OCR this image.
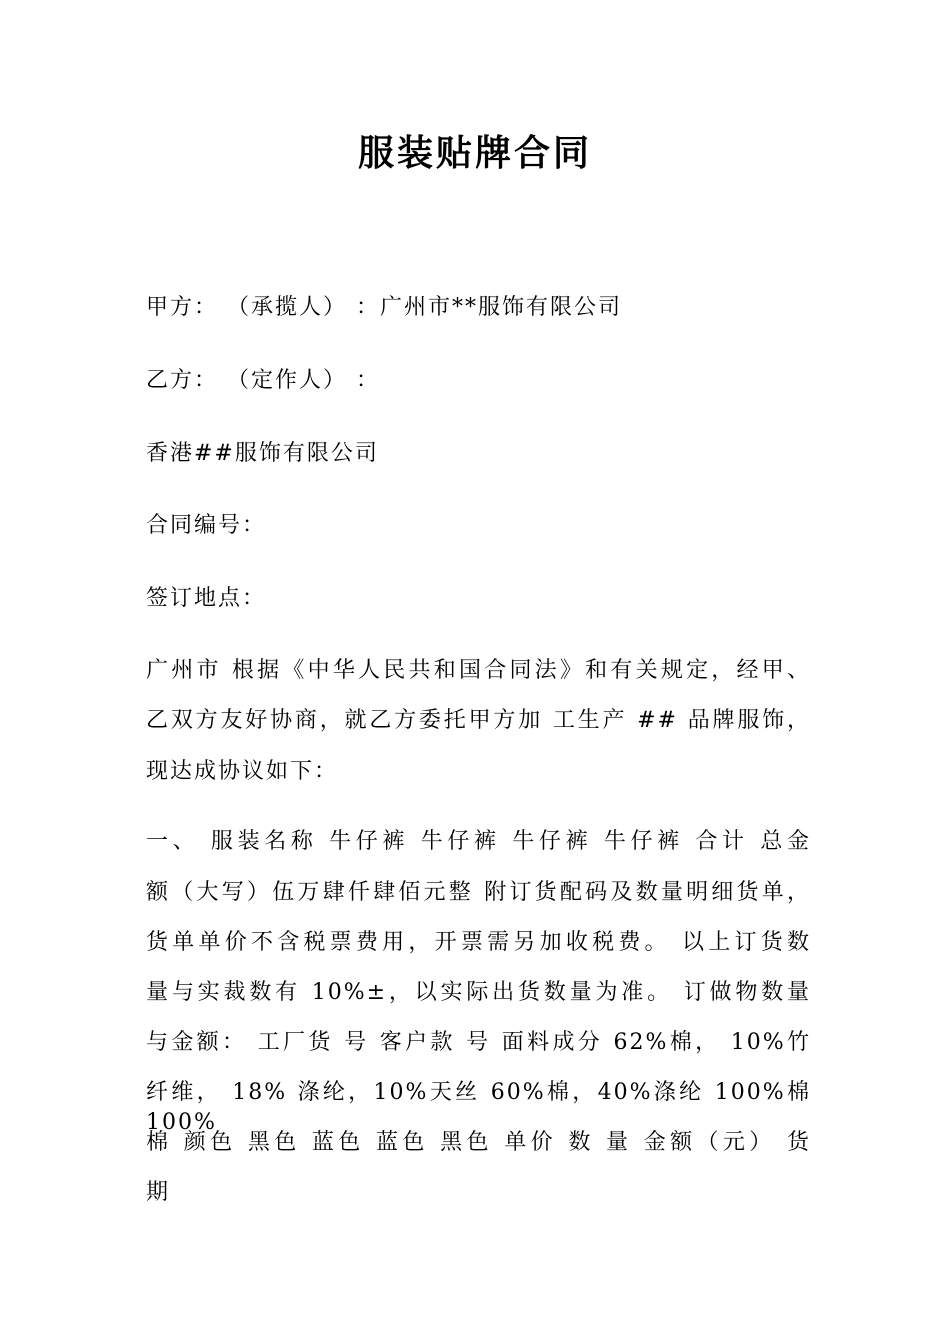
服装贴牌合同
甲方： （承揽人） ：广州市**服饰有限公司
乙方： （定作人） ：
香港##服饰有限公司
合同编号：
签订地点：
广州市 根据《中华人民共和国合同法》和有关规定，经甲、
乙双方友好协商，就乙方委托甲方加 工生产 ## 品牌服饰，
现达成协议如下：
一、 服装名称 牛仔裤 牛仔裤 牛仔裤 牛仔裤 合计 总金
额（大写）伍万肆仟肆佰元整 附订货配码及数量明细货单，
货单单价不含税票费用，开票需另加收税费。 以上订货数
量与实裁数有 10%±，以实际出货数量为准。 订做物数量
与金额： 工厂货 号 客户款 号 面料成分 62%棉， 10%竹
纤维， 18% 涤纶，10%天丝 60%棉，40%涤纶 100%棉 100%
棉 颜色 黑色 蓝色 蓝色 黑色 单价 数 量 金额（元） 货
期
